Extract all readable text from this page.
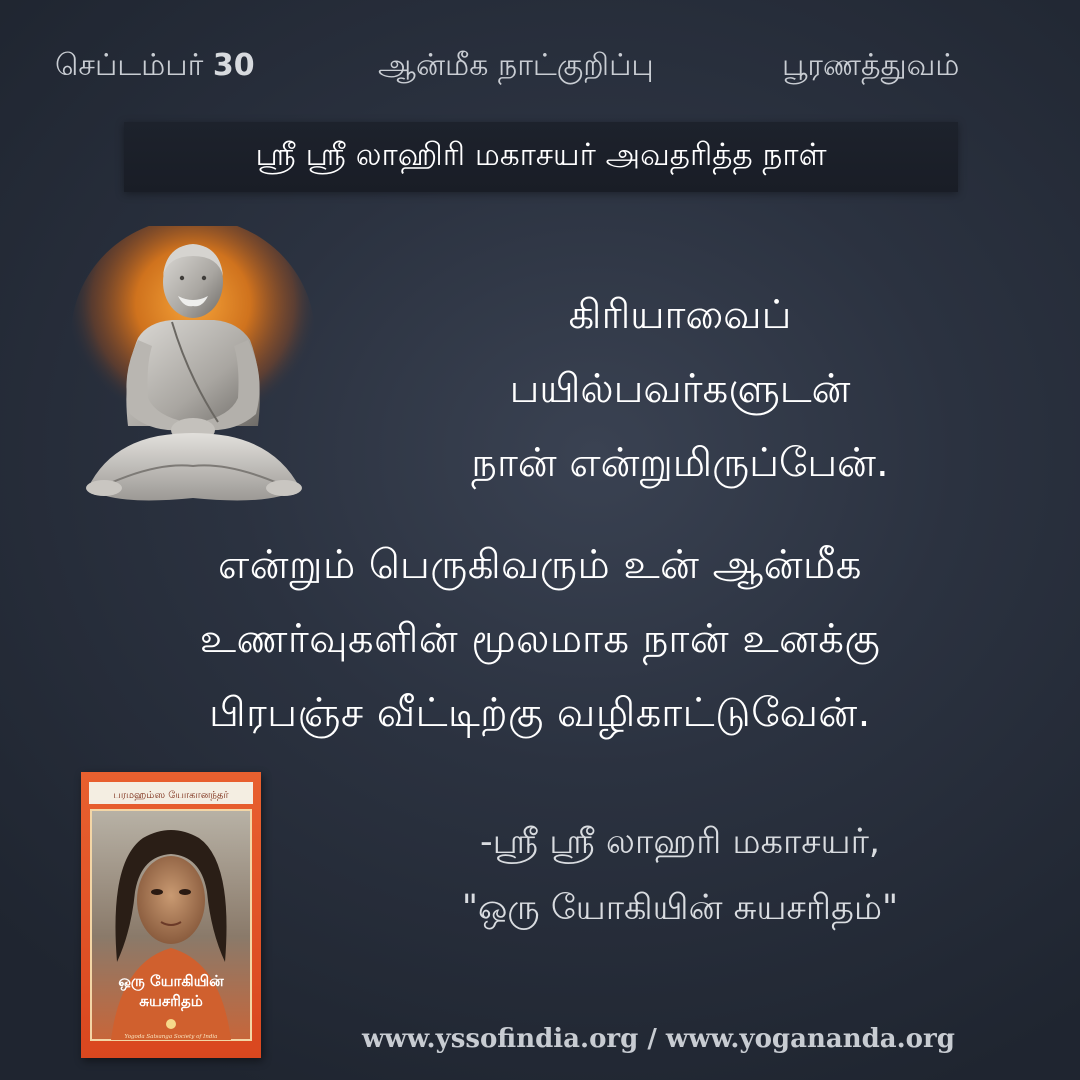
செப்டம்பர் 30	ஆன்மீக நாட்குறிப்பு	பூரணத்துவம்
ஸ்ரீ ஸ்ரீ லாஹிரி மகாசயர் அவதரித்த நாள்
கிரியாவைப்
பயில்பவர்களுடன்
நான் என்றுமிருப்பேன்.
என்றும் பெருகிவரும் உன் ஆன்மீக
உணர்வுகளின் மூலமாக நான் உனக்கு
பிரபஞ்ச வீட்டிற்கு வழிகாட்டுவேன்.
பரமஹம்ஸ யோகானந்தர்
ஒரு யோகியின்
சுயசரிதம்
Yogoda Satsanga Society of India
-ஸ்ரீ ஸ்ரீ லாஹரி மகாசயர்,
"ஒரு யோகியின் சுயசரிதம்"
www.yssofindia.org / www.yogananda.org
